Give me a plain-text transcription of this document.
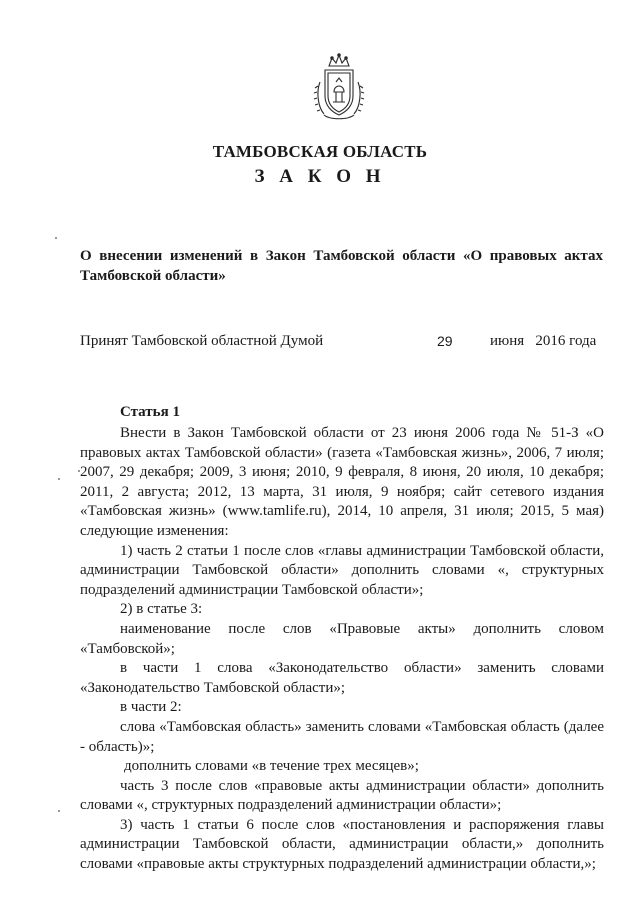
ТАМБОВСКАЯ ОБЛАСТЬ
З А К О Н
О внесении изменений в Закон Тамбовской области «О правовых актах Тамбовской области»
Принят Тамбовской областной Думой	29 июня   2016 года
Статья 1

Внести в Закон Тамбовской области от 23 июня 2006 года № 51-З «О правовых актах Тамбовской области» (газета «Тамбовская жизнь», 2006, 7 июля; 2007, 29 декабря; 2009, 3 июня; 2010, 9 февраля, 8 июня, 20 июля, 10 декабря; 2011, 2 августа; 2012, 13 марта, 31 июля, 9 ноября; сайт сетевого издания «Тамбовская жизнь» (www.tamlife.ru), 2014, 10 апреля, 31 июля; 2015, 5 мая) следующие изменения:

1) часть 2 статьи 1 после слов «главы администрации Тамбовской области, администрации Тамбовской области» дополнить словами «, структурных подразделений администрации Тамбовской области»;

2) в статье 3:

наименование после слов «Правовые акты» дополнить словом «Тамбовской»;

в части 1 слова «Законодательство области» заменить словами «Законодательство Тамбовской области»;

в части 2:

слова «Тамбовская область» заменить словами «Тамбовская область (далее - область)»;

дополнить словами «в течение трех месяцев»;

часть 3 после слов «правовые акты администрации области» дополнить словами «, структурных подразделений администрации области»;

3) часть 1 статьи 6 после слов «постановления и распоряжения главы администрации Тамбовской области, администрации области,» дополнить словами «правовые акты структурных подразделений администрации области,»;
